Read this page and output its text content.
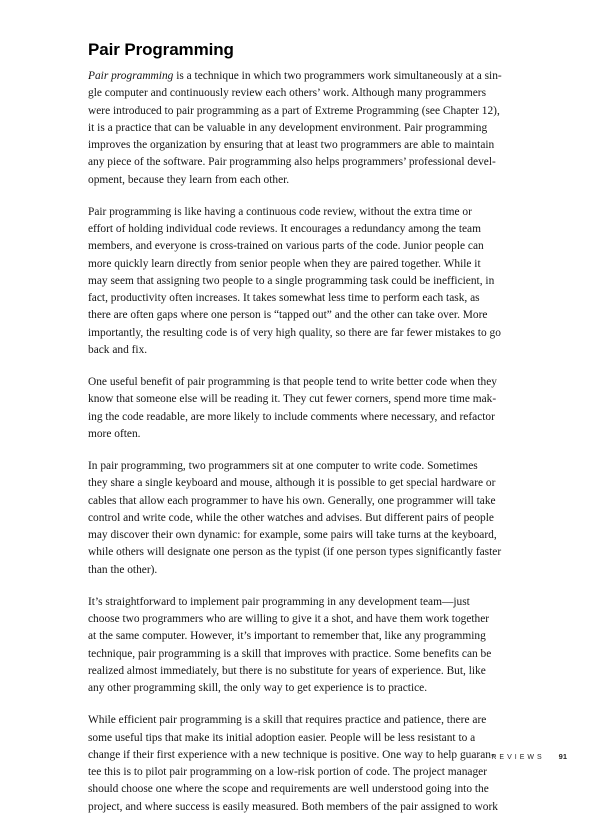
Pair Programming

Pair programming is a technique in which two programmers work simultaneously at a sin-
gle computer and continuously review each others’ work. Although many programmers
were introduced to pair programming as a part of Extreme Programming (see Chapter 12),
it is a practice that can be valuable in any development environment. Pair programming
improves the organization by ensuring that at least two programmers are able to maintain
any piece of the software. Pair programming also helps programmers’ professional devel-
opment, because they learn from each other.

Pair programming is like having a continuous code review, without the extra time or
effort of holding individual code reviews. It encourages a redundancy among the team
members, and everyone is cross-trained on various parts of the code. Junior people can
more quickly learn directly from senior people when they are paired together. While it
may seem that assigning two people to a single programming task could be inefficient, in
fact, productivity often increases. It takes somewhat less time to perform each task, as
there are often gaps where one person is “tapped out” and the other can take over. More
importantly, the resulting code is of very high quality, so there are far fewer mistakes to go
back and fix.

One useful benefit of pair programming is that people tend to write better code when they
know that someone else will be reading it. They cut fewer corners, spend more time mak-
ing the code readable, are more likely to include comments where necessary, and refactor
more often.

In pair programming, two programmers sit at one computer to write code. Sometimes
they share a single keyboard and mouse, although it is possible to get special hardware or
cables that allow each programmer to have his own. Generally, one programmer will take
control and write code, while the other watches and advises. But different pairs of people
may discover their own dynamic: for example, some pairs will take turns at the keyboard,
while others will designate one person as the typist (if one person types significantly faster
than the other).

It’s straightforward to implement pair programming in any development team—just
choose two programmers who are willing to give it a shot, and have them work together
at the same computer. However, it’s important to remember that, like any programming
technique, pair programming is a skill that improves with practice. Some benefits can be
realized almost immediately, but there is no substitute for years of experience. But, like
any other programming skill, the only way to get experience is to practice.

While efficient pair programming is a skill that requires practice and patience, there are
some useful tips that make its initial adoption easier. People will be less resistant to a
change if their first experience with a new technique is positive. One way to help guaran-
tee this is to pilot pair programming on a low-risk portion of code. The project manager
should choose one where the scope and requirements are well understood going into the
project, and where success is easily measured. Both members of the pair assigned to work

REVIEWS 91
